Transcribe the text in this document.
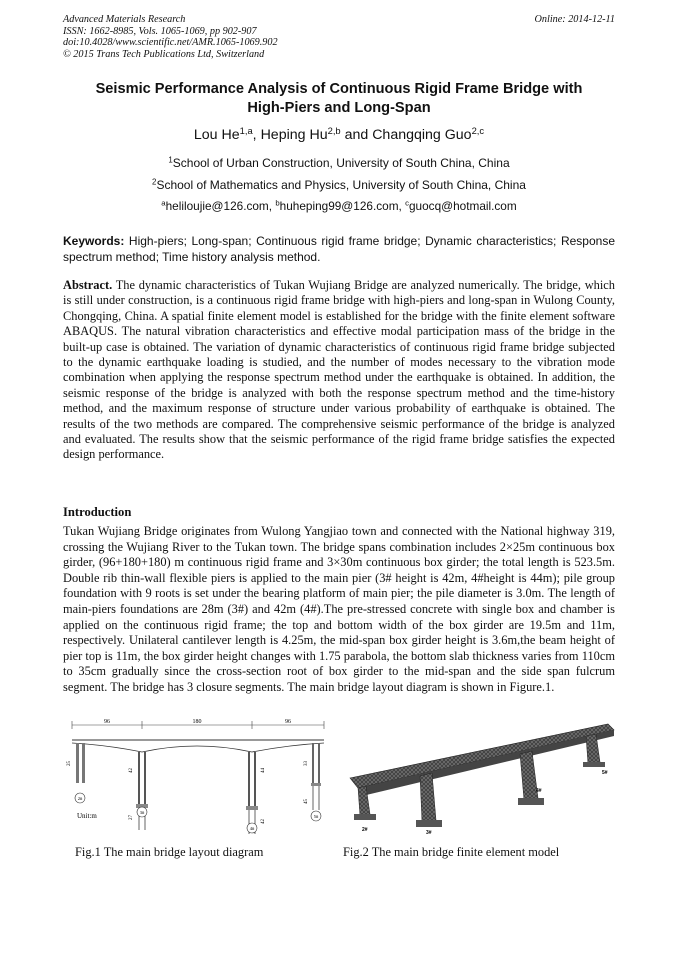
Advanced Materials Research
ISSN: 1662-8985, Vols. 1065-1069, pp 902-907
doi:10.4028/www.scientific.net/AMR.1065-1069.902
© 2015 Trans Tech Publications Ltd, Switzerland
Online: 2014-12-11
Seismic Performance Analysis of Continuous Rigid Frame Bridge with
High-Piers and Long-Span
Lou He$^{1,a}$, Heping Hu$^{2,b}$ and Changqing Guo$^{2,c}$
$^1$School of Urban Construction, University of South China, China
$^2$School of Mathematics and Physics, University of South China, China
$^a$heliloujie@126.com, $^b$huheping99@126.com, $^c$guocq@hotmail.com
Keywords: High-piers; Long-span; Continuous rigid frame bridge; Dynamic characteristics; Response spectrum method; Time history analysis method.
Abstract. The dynamic characteristics of Tukan Wujiang Bridge are analyzed numerically. The bridge, which is still under construction, is a continuous rigid frame bridge with high-piers and long-span in Wulong County, Chongqing, China. A spatial finite element model is established for the bridge with the finite element software ABAQUS. The natural vibration characteristics and effective modal participation mass of the bridge in the built-up case is obtained. The variation of dynamic characteristics of continuous rigid frame bridge subjected to the dynamic earthquake loading is studied, and the number of modes necessary to the vibration mode combination when applying the response spectrum method under the earthquake is obtained. In addition, the seismic response of the bridge is analyzed with both the response spectrum method and the time-history method, and the maximum response of structure under various probability of earthquake is obtained. The results of the two methods are compared. The comprehensive seismic performance of the bridge is analyzed and evaluated. The results show that the seismic performance of the rigid frame bridge satisfies the expected design performance.
Introduction
Tukan Wujiang Bridge originates from Wulong Yangjiao town and connected with the National highway 319, crossing the Wujiang River to the Tukan town. The bridge spans combination includes 2×25m continuous box girder, (96+180+180) m continuous rigid frame and 3×30m continuous box girder; the total length is 523.5m. Double rib thin-wall flexible piers is applied to the main pier (3# height is 42m, 4#height is 44m); pile group foundation with 9 roots is set under the bearing platform of main pier; the pile diameter is 3.0m. The length of main-piers foundations are 28m (3#) and 42m (4#).The pre-stressed concrete with single box and chamber is applied on the continuous rigid frame; the top and bottom width of the box girder are 19.5m and 11m, respectively. Unilateral cantilever length is 4.25m, the mid-span box girder height is 3.6m,the beam height of pier top is 11m, the box girder height changes with 1.75 parabola, the bottom slab thickness varies from 110cm to 35cm gradually since the cross-section root of box girder to the mid-span and the side span fulcrum segment. The bridge has 3 closure segments. The main bridge layout diagram is shown in Figure.1.
96	180	96
25
42
27
44
42
33
45
2#
3#
4#
5#
Unit:m
2#	3#
4#
5#
Fig.1 The main bridge layout diagram	Fig.2 The main bridge finite element model
